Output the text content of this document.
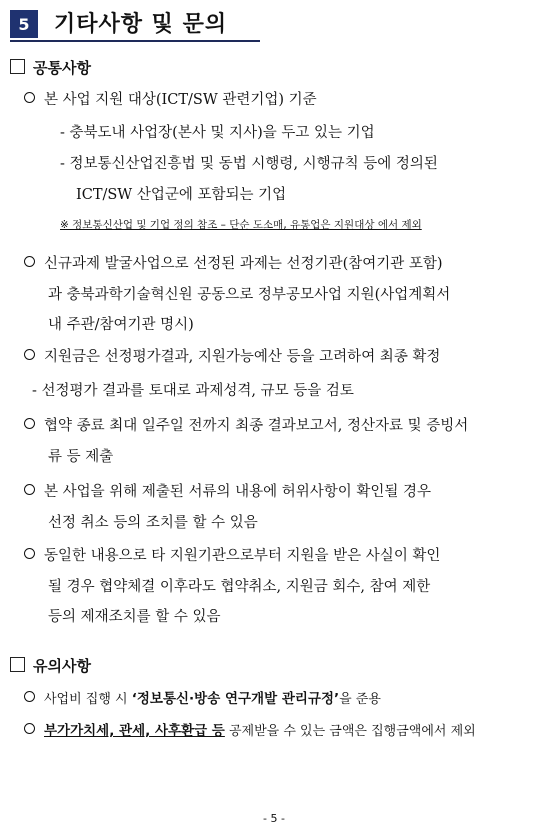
5	기타사항 및 문의
공통사항
본 사업 지원 대상(ICT/SW 관련기업) 기준
- 충북도내 사업장(본사 및 지사)을 두고 있는 기업
- 정보통신산업진흥법 및 동법 시행령, 시행규칙 등에 정의된
ICT/SW 산업군에 포함되는 기업
※ 정보통신산업 및 기업 정의 참조 – 단순 도소매, 유통업은 지원대상 에서 제외
신규과제 발굴사업으로 선정된 과제는 선정기관(참여기관 포함)
과 충북과학기술혁신원 공동으로 정부공모사업 지원(사업계획서
내 주관/참여기관 명시)
지원금은 선정평가결과, 지원가능예산 등을 고려하여 최종 확정
- 선정평가 결과를 토대로 과제성격, 규모 등을 검토
협약 종료 최대 일주일 전까지 최종 결과보고서, 정산자료 및 증빙서
류 등 제출
본 사업을 위해 제출된 서류의 내용에 허위사항이 확인될 경우
선정 취소 등의 조치를 할 수 있음
동일한 내용으로 타 지원기관으로부터 지원을 받은 사실이 확인
될 경우 협약체결 이후라도 협약취소, 지원금 회수, 참여 제한
등의 제재조치를 할 수 있음
유의사항
사업비 집행 시 ‘정보통신·방송 연구개발 관리규정’을 준용
부가가치세, 관세, 사후환급 등 공제받을 수 있는 금액은 집행금액에서 제외
- 5 -
